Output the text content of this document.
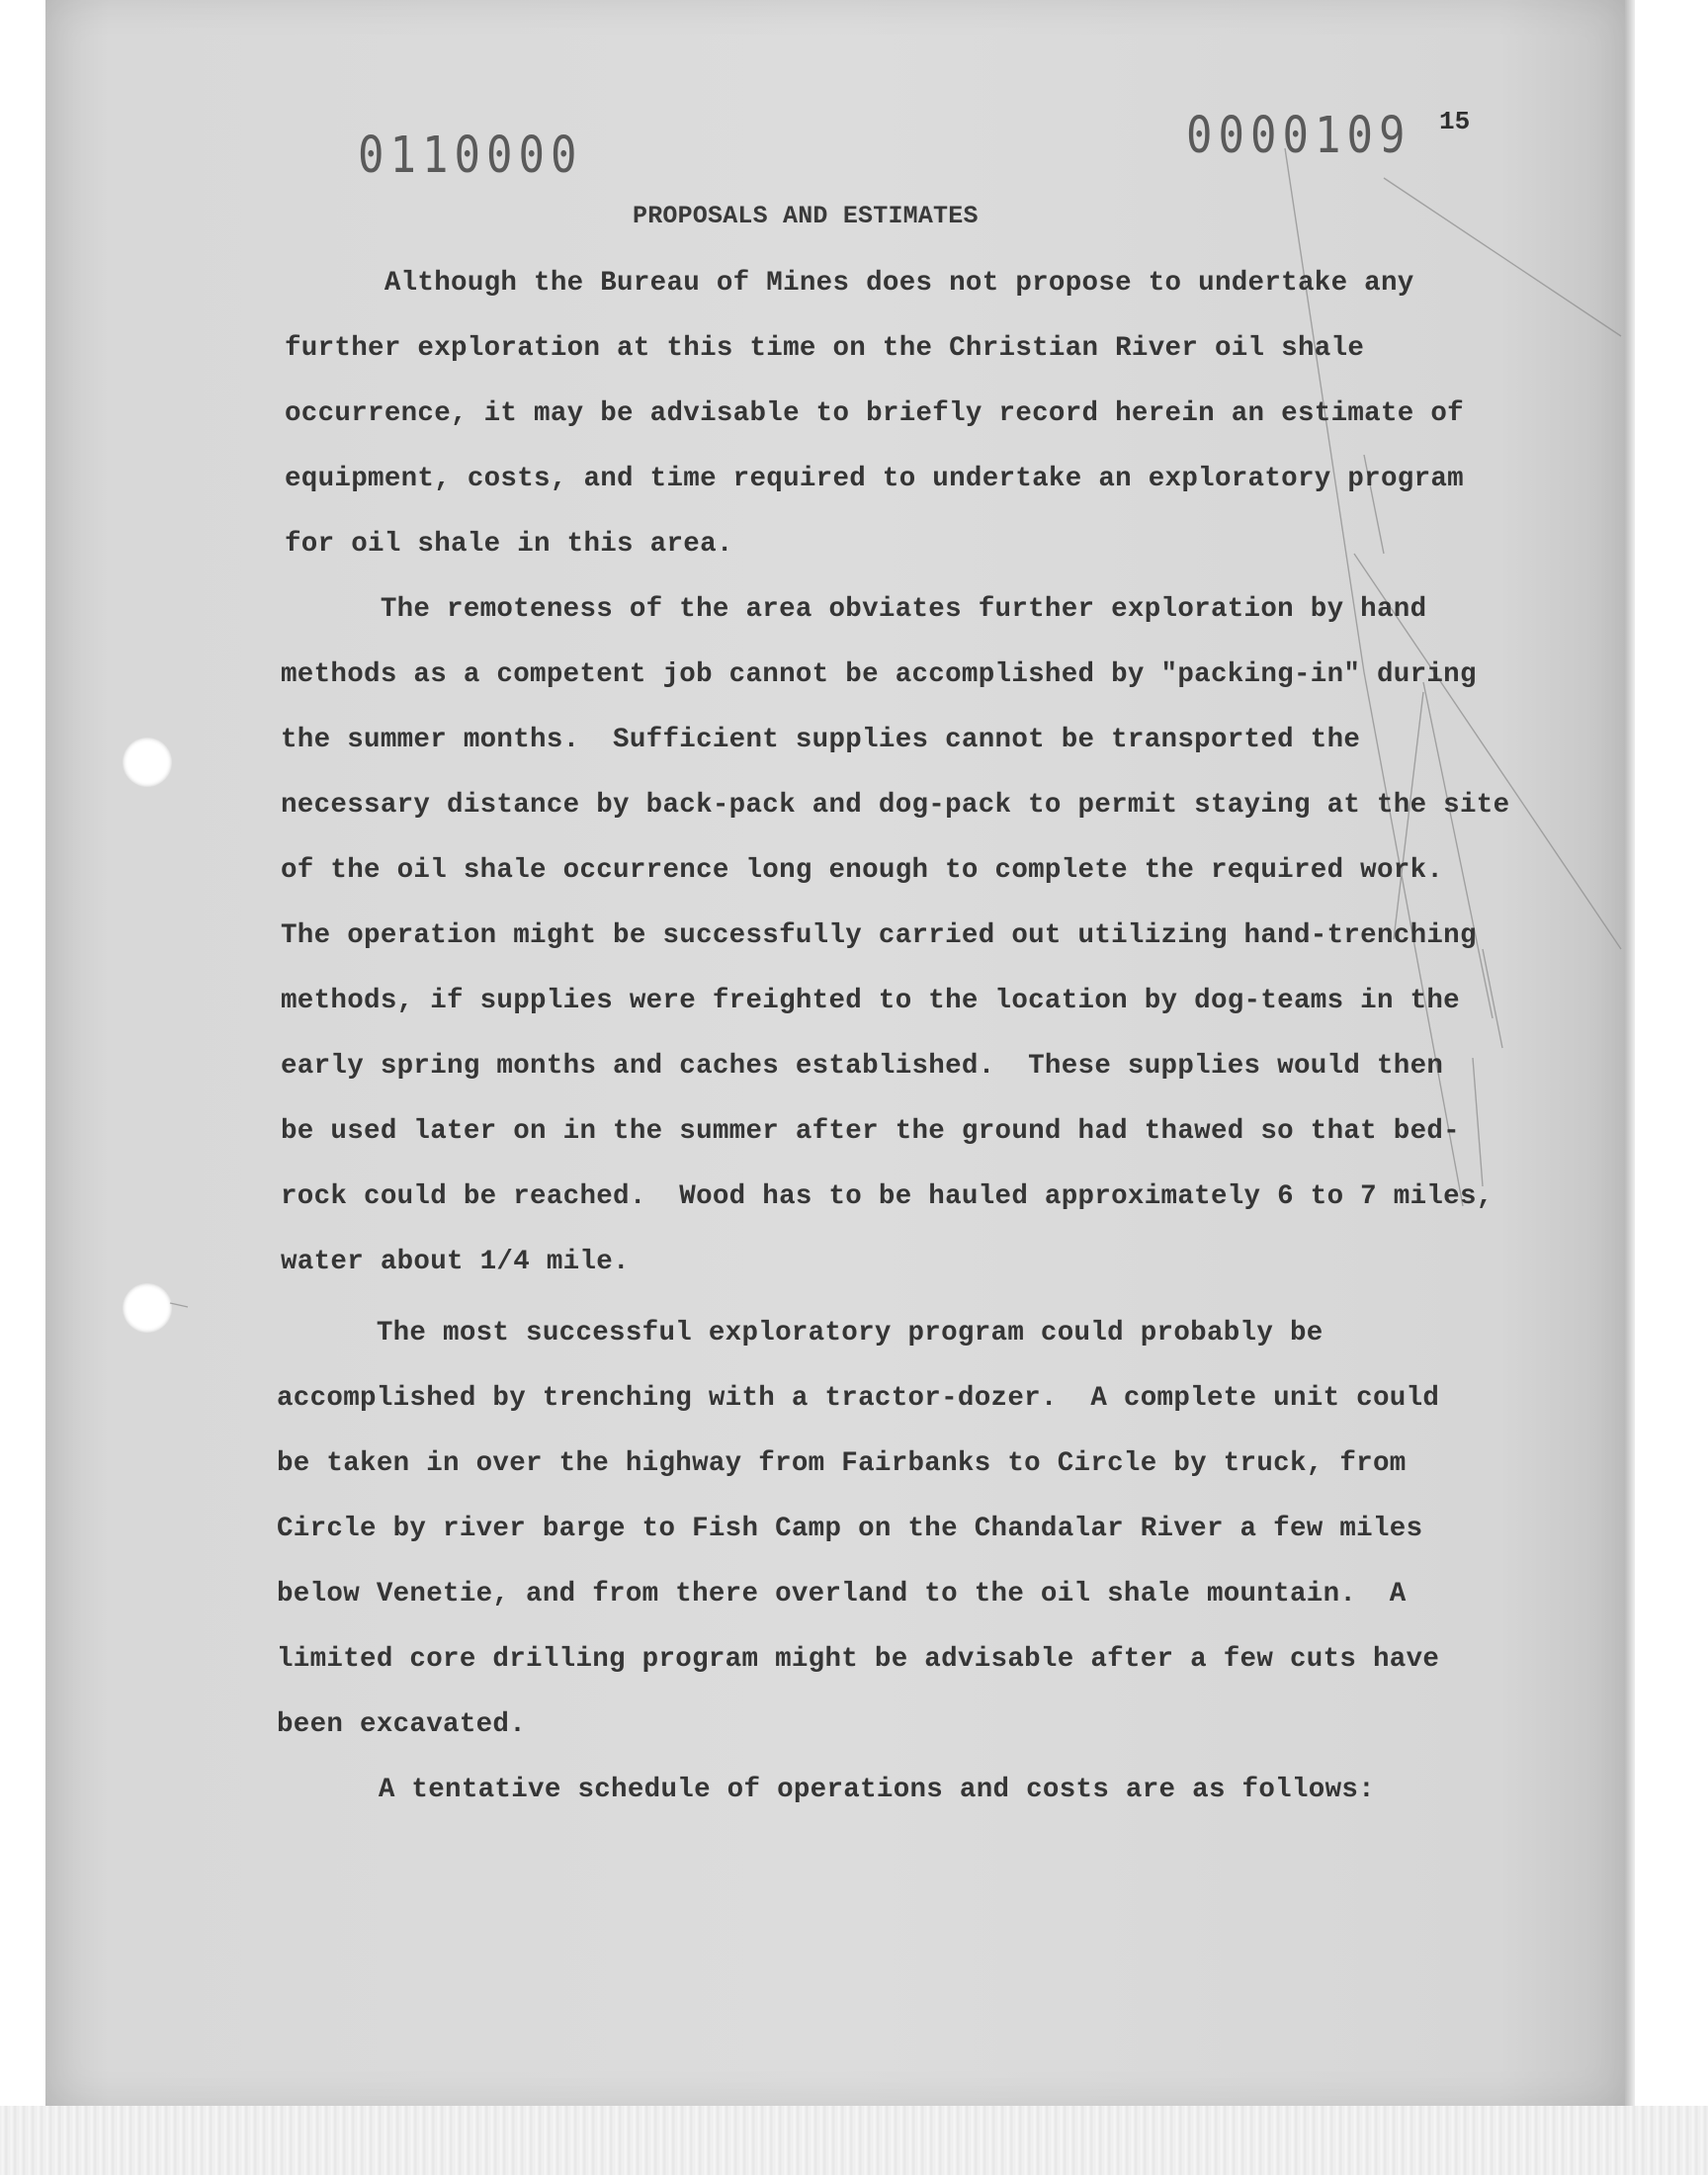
0110000	0000109 15
PROPOSALS AND ESTIMATES
Although the Bureau of Mines does not propose to undertake any
further exploration at this time on the Christian River oil shale
occurrence, it may be advisable to briefly record herein an estimate of
equipment, costs, and time required to undertake an exploratory program
for oil shale in this area.
The remoteness of the area obviates further exploration by hand
methods as a competent job cannot be accomplished by "packing-in" during
the summer months.  Sufficient supplies cannot be transported the
necessary distance by back-pack and dog-pack to permit staying at the site
of the oil shale occurrence long enough to complete the required work.
The operation might be successfully carried out utilizing hand-trenching
methods, if supplies were freighted to the location by dog-teams in the
early spring months and caches established.  These supplies would then
be used later on in the summer after the ground had thawed so that bed-
rock could be reached.  Wood has to be hauled approximately 6 to 7 miles,
water about 1/4 mile.
The most successful exploratory program could probably be
accomplished by trenching with a tractor-dozer.  A complete unit could
be taken in over the highway from Fairbanks to Circle by truck, from
Circle by river barge to Fish Camp on the Chandalar River a few miles
below Venetie, and from there overland to the oil shale mountain.  A
limited core drilling program might be advisable after a few cuts have
been excavated.
A tentative schedule of operations and costs are as follows:
